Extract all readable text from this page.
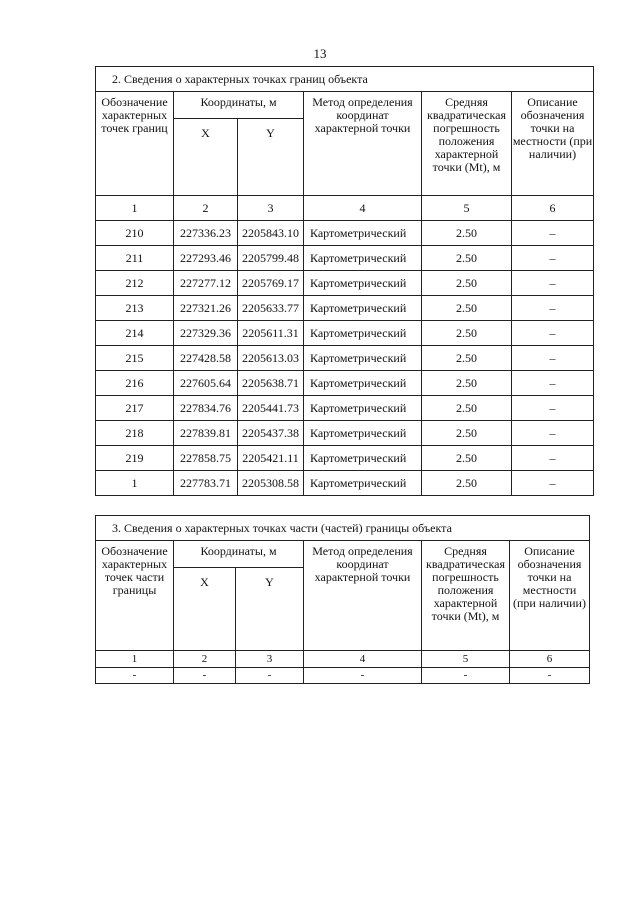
13
2. Сведения о характерных точках границ объекта					
Обозначение характерных точек границ	Координаты, м		Метод определения координат характерной точки	Средняя квадратическая погрешность положения характерной точки (Mt), м	Описание обозначения точки на местности (при наличии)
	X	Y			
1	2	3	4	5	6
210	227336.23	2205843.10	Картометрический	2.50	–
211	227293.46	2205799.48	Картометрический	2.50	–
212	227277.12	2205769.17	Картометрический	2.50	–
213	227321.26	2205633.77	Картометрический	2.50	–
214	227329.36	2205611.31	Картометрический	2.50	–
215	227428.58	2205613.03	Картометрический	2.50	–
216	227605.64	2205638.71	Картометрический	2.50	–
217	227834.76	2205441.73	Картометрический	2.50	–
218	227839.81	2205437.38	Картометрический	2.50	–
219	227858.75	2205421.11	Картометрический	2.50	–
1	227783.71	2205308.58	Картометрический	2.50	–
3. Сведения о характерных точках части (частей) границы объекта					
Обозначение характерных точек части границы	Координаты, м		Метод определения координат характерной точки	Средняя квадратическая погрешность положения характерной точки (Mt), м	Описание обозначения точки на местности (при наличии)
	X	Y			
1	2	3	4	5	6
-	-	-	-	-	-
